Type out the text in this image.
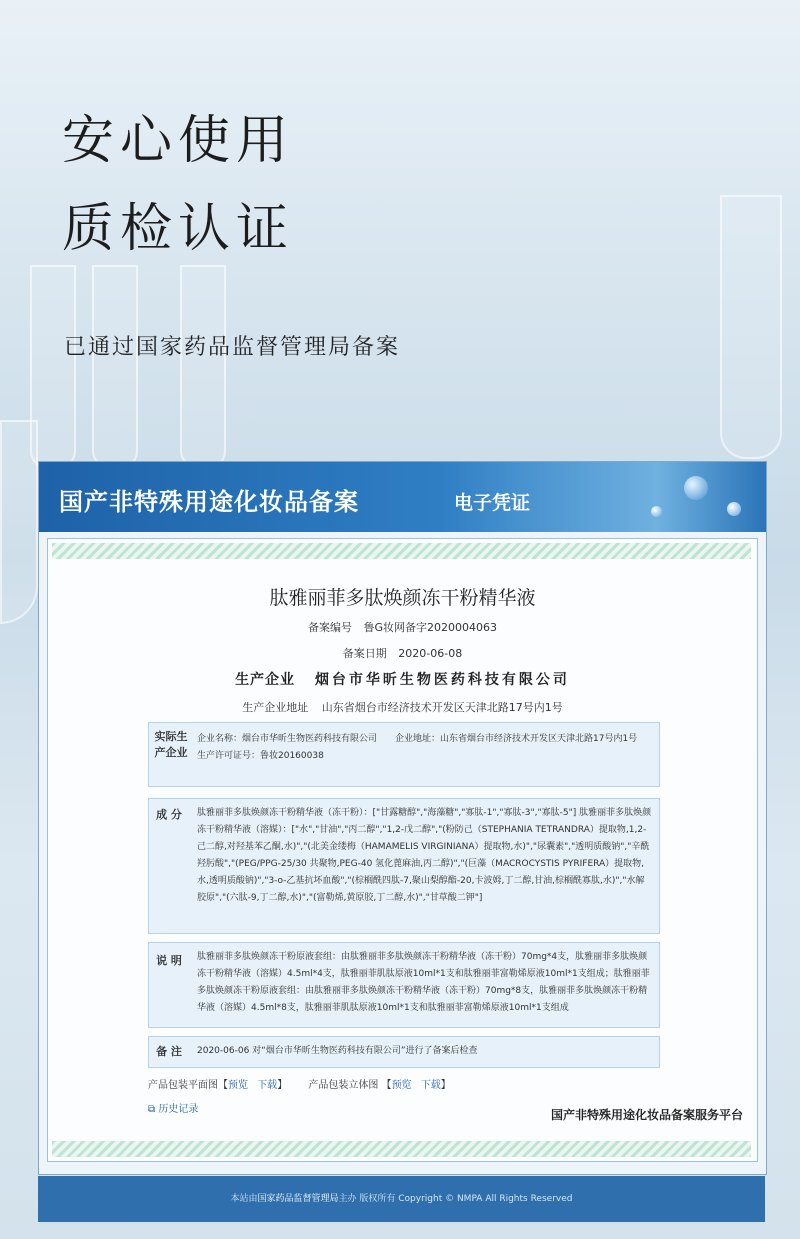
安心使用
质检认证
已通过国家药品监督管理局备案
国产非特殊用途化妆品备案	电子凭证
肽雅丽菲多肽焕颜冻干粉精华液
备案编号 鲁G妆网备字2020004063
备案日期 2020-06-08
生产企业 烟台市华昕生物医药科技有限公司
生产企业地址 山东省烟台市经济技术开发区天津北路17号内1号
实际生产企业
企业名称：烟台市华昕生物医药科技有限公司　　企业地址：山东省烟台市经济技术开发区天津北路17号内1号　生产许可证号：鲁妆20160038
成 分	肽雅丽菲多肽焕颜冻干粉精华液（冻干粉）：["甘露糖醇","海藻糖","寡肽-1","寡肽-3","寡肽-5"] 肽雅丽菲多肽焕颜冻干粉精华液（溶媒）：["水","甘油","丙二醇","1,2-戊二醇","(粉防己（STEPHANIA TETRANDRA）提取物,1,2-己二醇,对羟基苯乙酮,水)","(北美金缕梅（HAMAMELIS VIRGINIANA）提取物,水)","尿囊素","透明质酸钠","辛酰羟肟酸","(PEG/PPG-25/30 共聚物,PEG-40 氢化蓖麻油,丙二醇)","(巨藻（MACROCYSTIS PYRIFERA）提取物,水,透明质酸钠)","3-o-乙基抗坏血酸","(棕榈酰四肽-7,聚山梨醇酯-20,卡波姆,丁二醇,甘油,棕榈酰寡肽,水)","水解胶原","(六肽-9,丁二醇,水)","(富勒烯,黄原胶,丁二醇,水)","甘草酸二钾"]
说 明	肽雅丽菲多肽焕颜冻干粉原液套组：由肽雅丽菲多肽焕颜冻干粉精华液（冻干粉）70mg*4支，肽雅丽菲多肽焕颜冻干粉精华液（溶媒）4.5ml*4支，肽雅丽菲肌肽原液10ml*1支和肽雅丽菲富勒烯原液10ml*1支组成；肽雅丽菲多肽焕颜冻干粉原液套组：由肽雅丽菲多肽焕颜冻干粉精华液（冻干粉）70mg*8支，肽雅丽菲多肽焕颜冻干粉精华液（溶媒）4.5ml*8支，肽雅丽菲肌肽原液10ml*1支和肽雅丽菲富勒烯原液10ml*1支组成
备 注	2020-06-06 对“烟台市华昕生物医药科技有限公司”进行了备案后检查
产品包装平面图【预览 下载】 产品包装立体图 【预览 下载】
⧉ 历史记录	国产非特殊用途化妆品备案服务平台
本站由国家药品监督管理局主办 版权所有 Copyright © NMPA All Rights Reserved
